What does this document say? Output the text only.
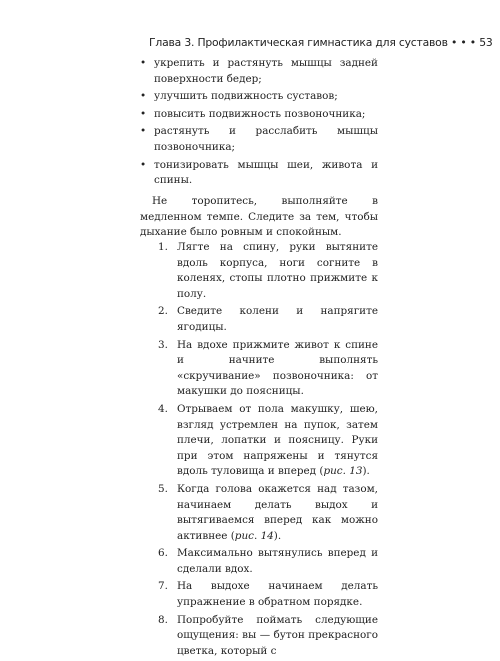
Глава 3. Профилактическая гимнастика для суставов • • • 53
• укрепить и растянуть мышцы задней поверхности бедер;
• улучшить подвижность суставов;
• повысить подвижность позвоночника;
• растянуть и расслабить мышцы позвоночника;
• тонизировать мышцы шеи, живота и спины.

Не торопитесь, выполняйте в медленном темпе. Следите за тем, чтобы дыхание было ровным и спокойным.

1. Лягте на спину, руки вытяните вдоль корпуса, ноги согните в коленях, стопы плотно прижмите к полу.
2. Сведите колени и напрягите ягодицы.
3. На вдохе прижмите живот к спине и начните выполнять «скручивание» позвоночника: от макушки до поясницы.
4. Отрываем от пола макушку, шею, взгляд устремлен на пупок, затем плечи, лопатки и поясницу. Руки при этом напряжены и тянутся вдоль туловища и вперед (рис. 13).
5. Когда голова окажется над тазом, начинаем делать выдох и вытягиваемся вперед как можно активнее (рис. 14).
6. Максимально вытянулись вперед и сделали вдох.
7. На выдохе начинаем делать упражнение в обратном порядке.
8. Попробуйте поймать следующие ощущения: вы — бутон прекрасного цветка, который с
